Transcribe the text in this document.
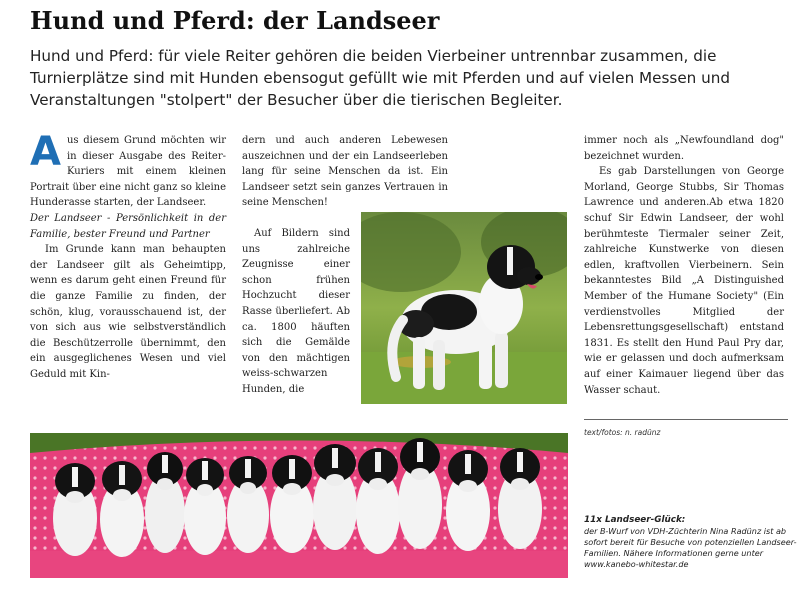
Hund und Pferd: der Landseer

Hund und Pferd: für viele Reiter gehören die beiden Vierbeiner untrennbar zusammen, die Turnierplätze sind mit Hunden ebensogut gefüllt wie mit Pferden und auf vielen Messen und Veranstaltungen "stolpert" der Besucher über die tierischen Begleiter.

Aus diesem Grund möchten wir in dieser Ausgabe des Reiter-Kuriers mit einem kleinen Portrait über eine nicht ganz so kleine Hunderasse starten, der Landseer.

Der Landseer - Persönlichkeit in der Familie, bester Freund und Partner

Im Grunde kann man behaupten der Landseer gilt als Geheimtipp, wenn es darum geht einen Freund für die ganze Familie zu finden, der schön, klug, vorausschauend ist, der von sich aus wie selbstverständlich die Beschützerrolle übernimmt, den ein ausgeglichenes Wesen und viel Geduld mit Kin-

dern und auch anderen Lebewesen auszeichnen und der ein Landseerleben lang für seine Menschen da ist. Ein Landseer setzt sein ganzes Vertrauen in seine Menschen!

Auf Bildern sind uns zahlreiche Zeugnisse einer schon frühen Hochzucht dieser Rasse überliefert. Ab ca. 1800 häuften sich die Gemälde von den mächtigen weiss-schwarzen Hunden, die

immer noch als „Newfoundland dog" bezeichnet wurden.

Es gab Darstellungen von George Morland, George Stubbs, Sir Thomas Lawrence und anderen.Ab etwa 1820 schuf Sir Edwin Landseer, der wohl berühmteste Tiermaler seiner Zeit, zahlreiche Kunstwerke von diesen edlen, kraftvollen Vierbeinern. Sein bekanntestes Bild „A Distinguished Member of the Humane Society" (Ein verdienstvolles Mitglied der Lebensrettungsgesellschaft) entstand 1831. Es stellt den Hund Paul Pry dar, wie er gelassen und doch aufmerksam auf einer Kaimauer liegend über das Wasser schaut.

text/fotos: n. radünz
11x Landseer-Glück:
der B-Wurf von VDH-Züchterin Nina Radünz ist ab sofort bereit für Besuche von potenziellen Landseer-Familien. Nähere Informationen gerne unter www.kanebo-whitestar.de
